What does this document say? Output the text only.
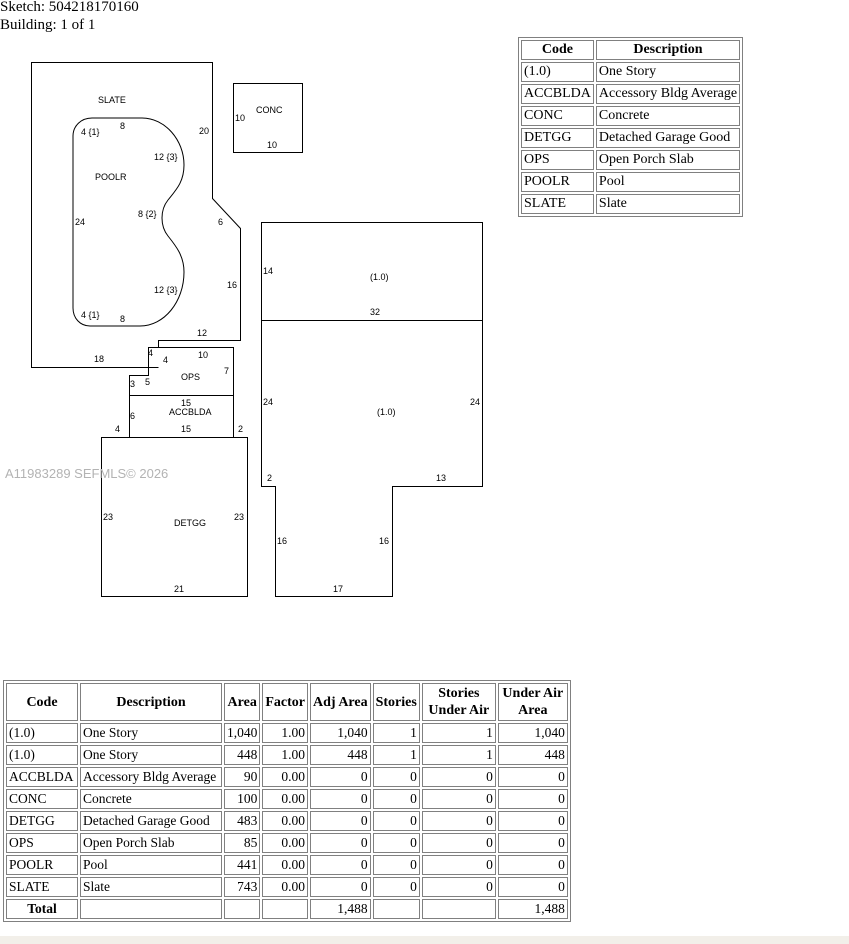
Sketch: 504218170160
Building: 1 of 1
SLATE
POOLR
CONC
OPS
ACCBLDA
DETGG
(1.0)
(1.0)
20
6
16
12
4
18
4 {1}
8
12 {3}
24
8 {2}
12 {3}
4 {1} 8
10
10
4	10
7
3 5
15
6
15
4	2
23	23
21
14
32
24	24
2	13
16	16
17
A11983289 SEFMLS© 2026
Code	Description
(1.0)	One Story
ACCBLDA	Accessory Bldg Average
CONC	Concrete
DETGG	Detached Garage Good
OPS	Open Porch Slab
POOLR	Pool
SLATE	Slate
Code	Description	Area	Factor	Adj Area	Stories	Stories Under Air	Under Air Area
(1.0)	One Story	1,040	1.00	1,040	1	1	1,040
(1.0)	One Story	448	1.00	448	1	1	448
ACCBLDA	Accessory Bldg Average	90	0.00	0	0	0	0
CONC	Concrete	100	0.00	0	0	0	0
DETGG	Detached Garage Good	483	0.00	0	0	0	0
OPS	Open Porch Slab	85	0.00	0	0	0	0
POOLR	Pool	441	0.00	0	0	0	0
SLATE	Slate	743	0.00	0	0	0	0
Total				1,488			1,488
